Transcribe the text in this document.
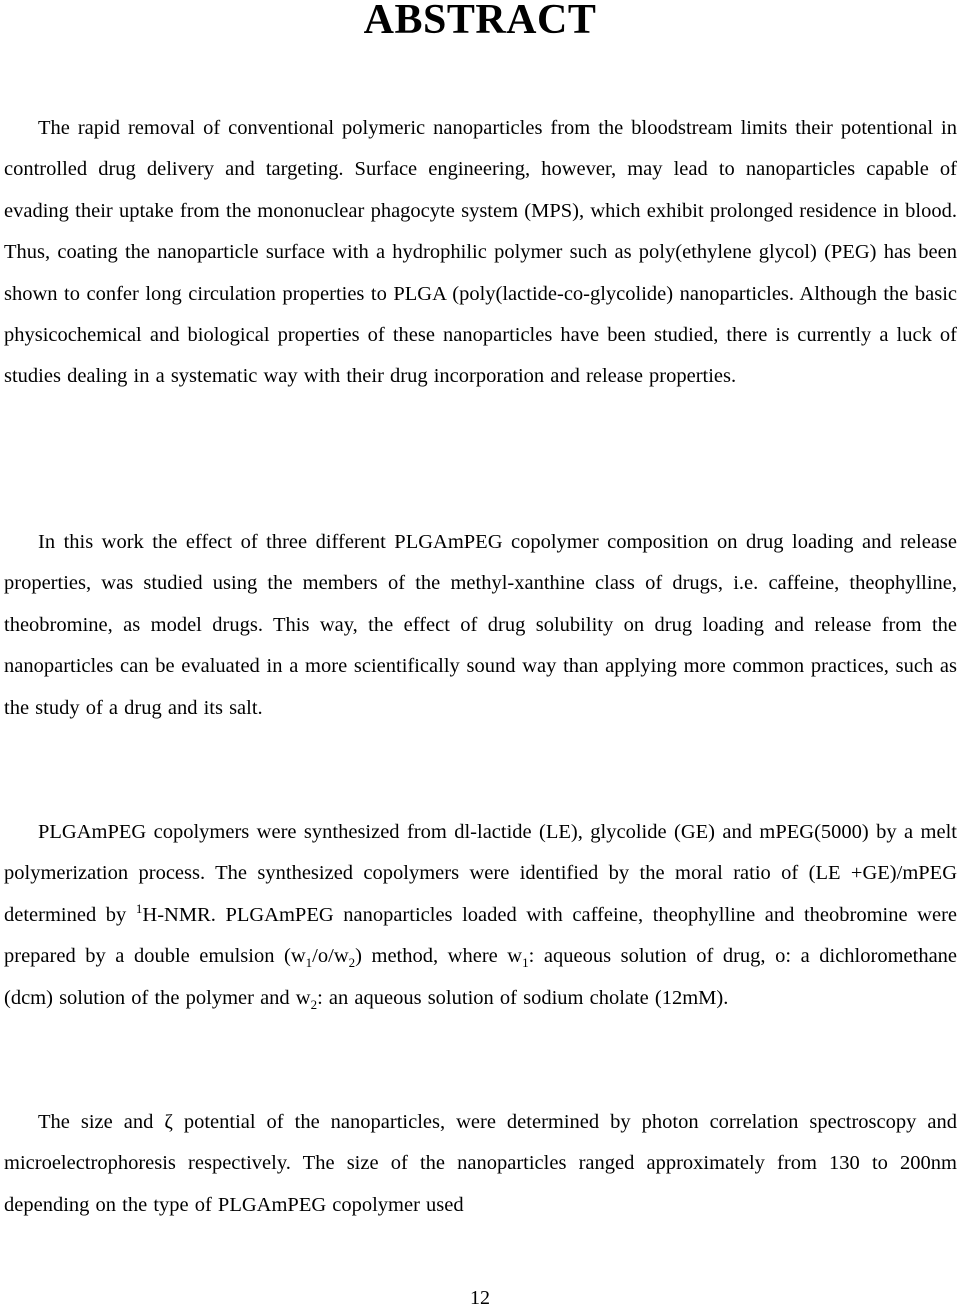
ABSTRACT

The rapid removal of conventional polymeric nanoparticles from the bloodstream limits their potentional in controlled drug delivery and targeting. Surface engineering, however, may lead to nanoparticles capable of evading their uptake from the mononuclear phagocyte system (MPS), which exhibit prolonged residence in blood. Thus, coating the nanoparticle surface with a hydrophilic polymer such as poly(ethylene glycol) (PEG) has been shown to confer long circulation properties to PLGA (poly(lactide-co-glycolide) nanoparticles. Although the basic physicochemical and biological properties of these nanoparticles have been studied, there is currently a luck of studies dealing in a systematic way with their drug incorporation and release properties.

In this work the effect of three different PLGAmPEG copolymer composition on drug loading and release properties, was studied using the members of the methyl-xanthine class of drugs, i.e. caffeine, theophylline, theobromine, as model drugs. This way, the effect of drug solubility on drug loading and release from the nanoparticles can be evaluated in a more scientifically sound way than applying more common practices, such as the study of a drug and its salt.

PLGAmPEG copolymers were synthesized from dl-lactide (LE), glycolide (GE) and mPEG(5000) by a melt polymerization process. The synthesized copolymers were identified by the moral ratio of (LE +GE)/mPEG determined by $^1$H-NMR. PLGAmPEG nanoparticles loaded with caffeine, theophylline and theobromine were prepared by a double emulsion $(w_1/o/w_2)$ method, where $w_1$: aqueous solution of drug, o: a dichloromethane (dcm) solution of the polymer and $w_2$: an aqueous solution of sodium cholate (12mM).

The size and ζ potential of the nanoparticles, were determined by photon correlation spectroscopy and microelectrophoresis respectively. The size of the nanoparticles ranged approximately from 130 to 200nm depending on the type of PLGAmPEG copolymer used

12
